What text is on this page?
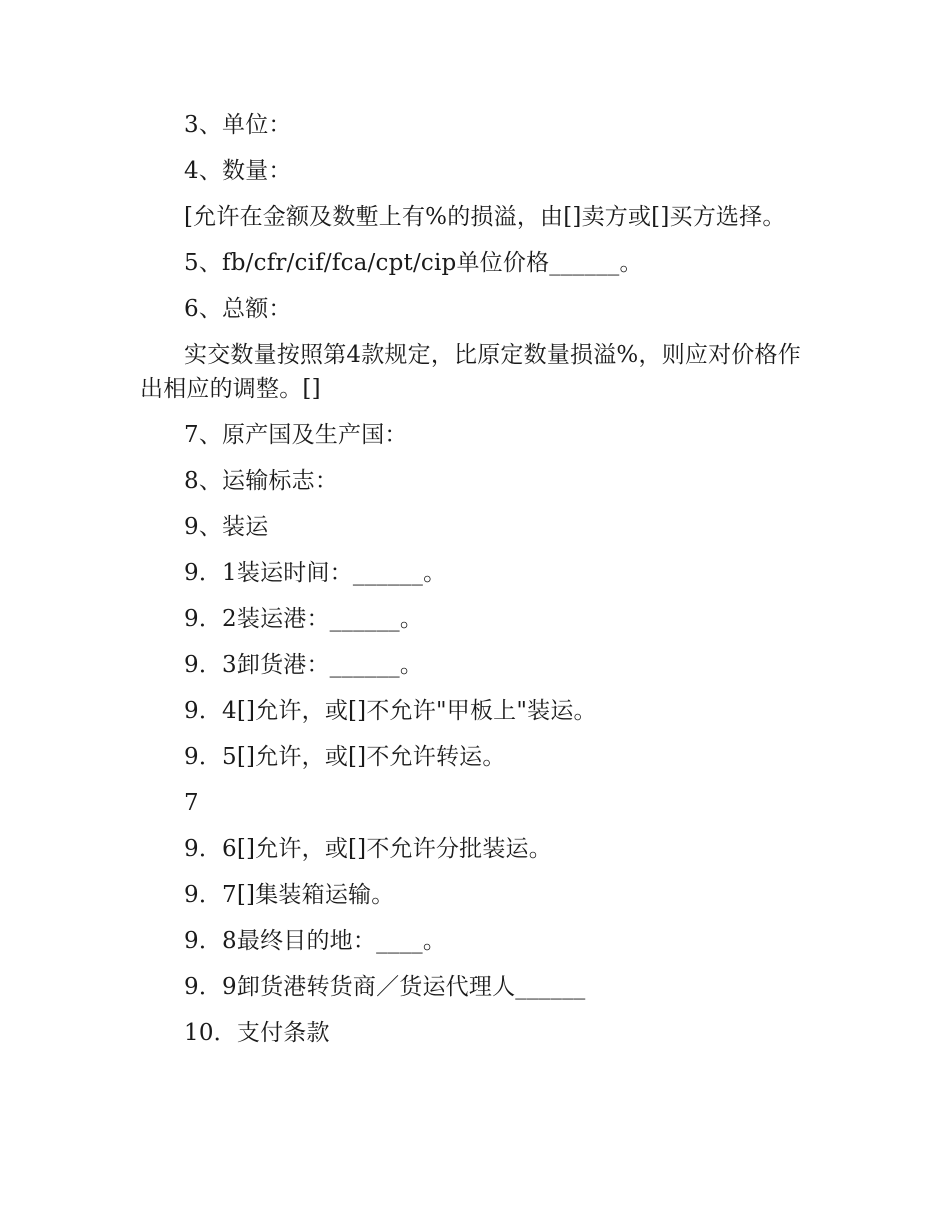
3、单位：

4、数量：

[允许在金额及数塹上有%的损溢，由[]卖方或[]买方选择。

5、fb/cfr/cif/fca/cpt/cip单位价格______。

6、总额：

实交数量按照第4款规定，比原定数量损溢%，则应对价格作出相应的调整。[]

7、原产国及生产国：

8、运输标志：

9、装运

9．1装运时间：______。

9．2装运港：______。

9．3卸货港：______。

9．4[]允许，或[]不允许"甲板上"装运。

9．5[]允许，或[]不允许转运。

7

9．6[]允许，或[]不允许分批装运。

9．7[]集装箱运输。

9．8最终目的地：____。

9．9卸货港转货商／货运代理人______

10．支付条款
